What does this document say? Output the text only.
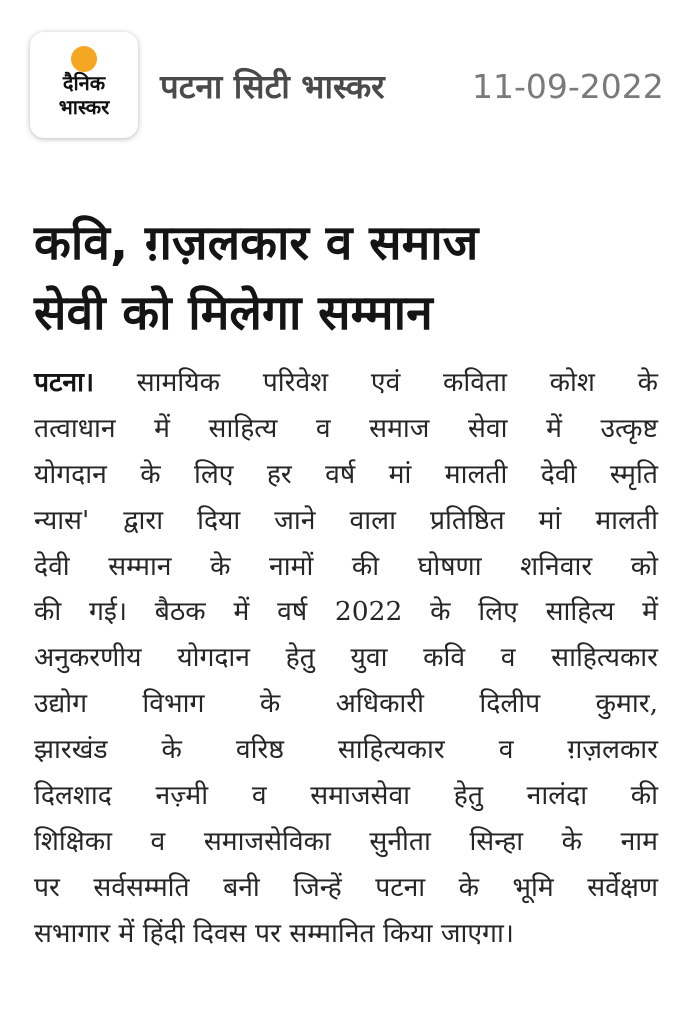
दैनिक
भास्कर
पटना सिटी भास्कर	11-09-2022
कवि, ग़ज़लकार व समाज
सेवी को मिलेगा सम्मान
पटना। सामयिक परिवेश एवं कविता कोश के
तत्वाधान में साहित्य व समाज सेवा में उत्कृष्ट
योगदान के लिए हर वर्ष मां मालती देवी स्मृति
न्यास' द्वारा दिया जाने वाला प्रतिष्ठित मां मालती
देवी सम्मान के नामों की घोषणा शनिवार को
की गई। बैठक में वर्ष 2022 के लिए साहित्य में
अनुकरणीय योगदान हेतु युवा कवि व साहित्यकार
उद्योग विभाग के अधिकारी दिलीप कुमार,
झारखंड के वरिष्ठ साहित्यकार व ग़ज़लकार
दिलशाद नज़्मी व समाजसेवा हेतु नालंदा की
शिक्षिका व समाजसेविका सुनीता सिन्हा के नाम
पर सर्वसम्मति बनी जिन्हें पटना के भूमि सर्वेक्षण
सभागार में हिंदी दिवस पर सम्मानित किया जाएगा।
